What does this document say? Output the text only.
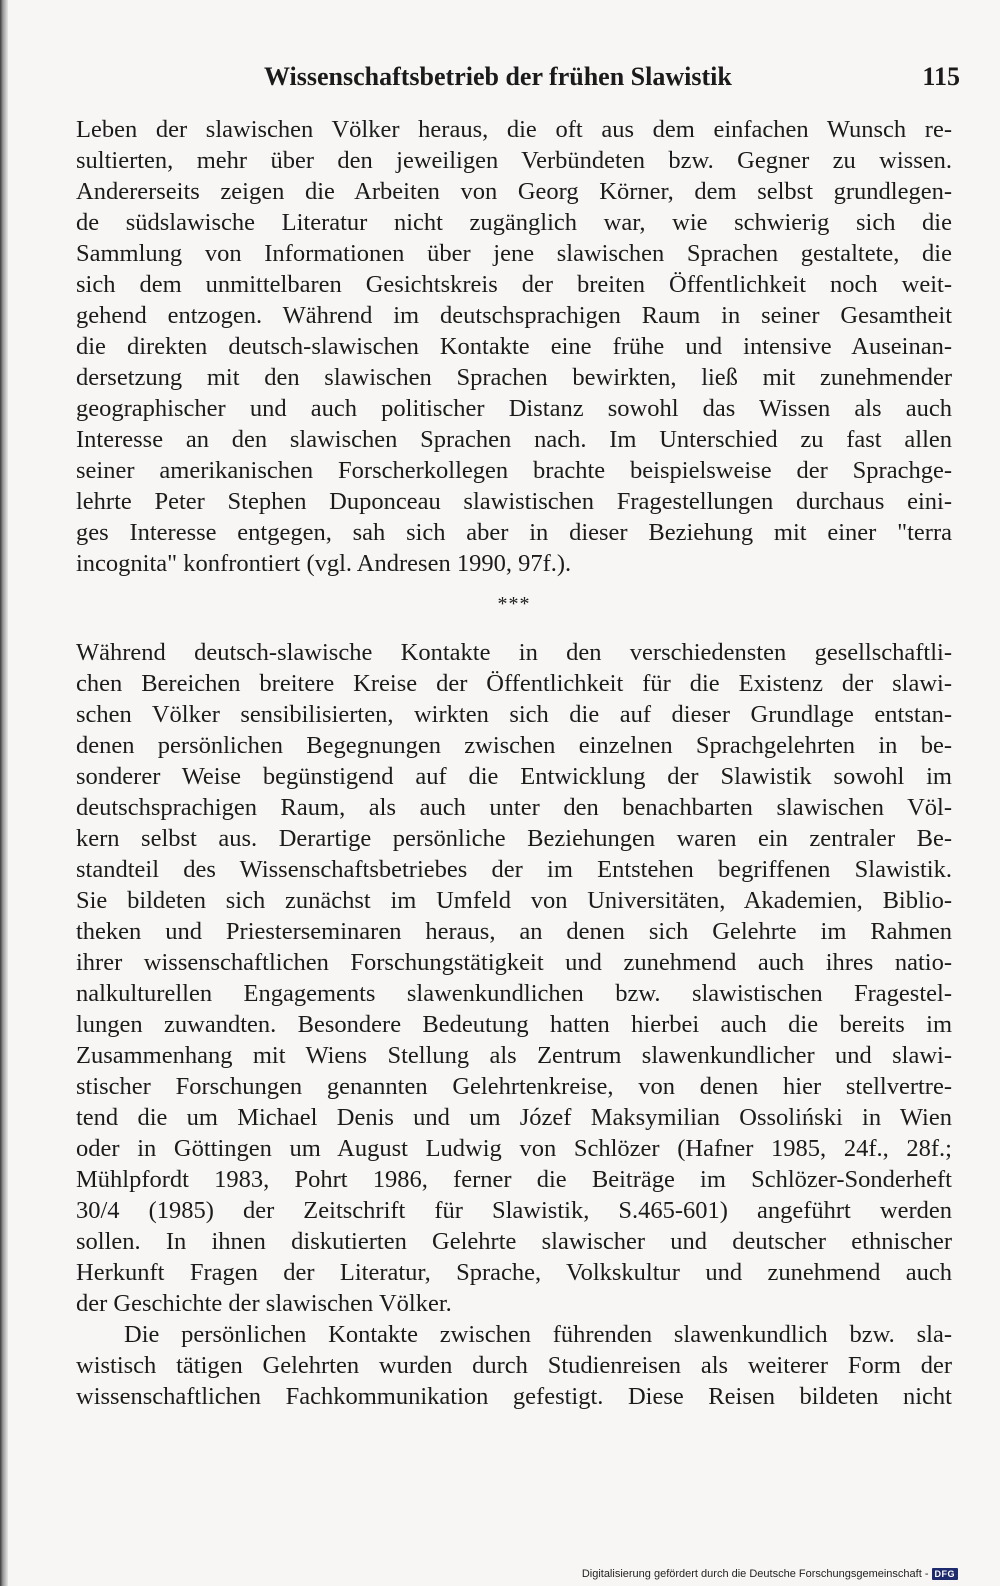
Wissenschaftsbetrieb der frühen Slawistik	115
Leben der slawischen Völker heraus, die oft aus dem einfachen Wunsch re-
sultierten, mehr über den jeweiligen Verbündeten bzw. Gegner zu wissen.
Andererseits zeigen die Arbeiten von Georg Körner, dem selbst grundlegen-
de südslawische Literatur nicht zugänglich war, wie schwierig sich die
Sammlung von Informationen über jene slawischen Sprachen gestaltete, die
sich dem unmittelbaren Gesichtskreis der breiten Öffentlichkeit noch weit-
gehend entzogen. Während im deutschsprachigen Raum in seiner Gesamtheit
die direkten deutsch-slawischen Kontakte eine frühe und intensive Auseinan-
dersetzung mit den slawischen Sprachen bewirkten, ließ mit zunehmender
geographischer und auch politischer Distanz sowohl das Wissen als auch
Interesse an den slawischen Sprachen nach. Im Unterschied zu fast allen
seiner amerikanischen Forscherkollegen brachte beispielsweise der Sprachge-
lehrte Peter Stephen Duponceau slawistischen Fragestellungen durchaus eini-
ges Interesse entgegen, sah sich aber in dieser Beziehung mit einer "terra
incognita" konfrontiert (vgl. Andresen 1990, 97f.).
***
Während deutsch-slawische Kontakte in den verschiedensten gesellschaftli-
chen Bereichen breitere Kreise der Öffentlichkeit für die Existenz der slawi-
schen Völker sensibilisierten, wirkten sich die auf dieser Grundlage entstan-
denen persönlichen Begegnungen zwischen einzelnen Sprachgelehrten in be-
sonderer Weise begünstigend auf die Entwicklung der Slawistik sowohl im
deutschsprachigen Raum, als auch unter den benachbarten slawischen Völ-
kern selbst aus. Derartige persönliche Beziehungen waren ein zentraler Be-
standteil des Wissenschaftsbetriebes der im Entstehen begriffenen Slawistik.
Sie bildeten sich zunächst im Umfeld von Universitäten, Akademien, Biblio-
theken und Priesterseminaren heraus, an denen sich Gelehrte im Rahmen
ihrer wissenschaftlichen Forschungstätigkeit und zunehmend auch ihres natio-
nalkulturellen Engagements slawenkundlichen bzw. slawistischen Fragestel-
lungen zuwandten. Besondere Bedeutung hatten hierbei auch die bereits im
Zusammenhang mit Wiens Stellung als Zentrum slawenkundlicher und slawi-
stischer Forschungen genannten Gelehrtenkreise, von denen hier stellvertre-
tend die um Michael Denis und um Józef Maksymilian Ossoliński in Wien
oder in Göttingen um August Ludwig von Schlözer (Hafner 1985, 24f., 28f.;
Mühlpfordt 1983, Pohrt 1986, ferner die Beiträge im Schlözer-Sonderheft
30/4 (1985) der Zeitschrift für Slawistik, S.465-601) angeführt werden
sollen. In ihnen diskutierten Gelehrte slawischer und deutscher ethnischer
Herkunft Fragen der Literatur, Sprache, Volkskultur und zunehmend auch
der Geschichte der slawischen Völker.
Die persönlichen Kontakte zwischen führenden slawenkundlich bzw. sla-
wistisch tätigen Gelehrten wurden durch Studienreisen als weiterer Form der
wissenschaftlichen Fachkommunikation gefestigt. Diese Reisen bildeten nicht
Digitalisierung gefördert durch die Deutsche Forschungsgemeinschaft - DFG
